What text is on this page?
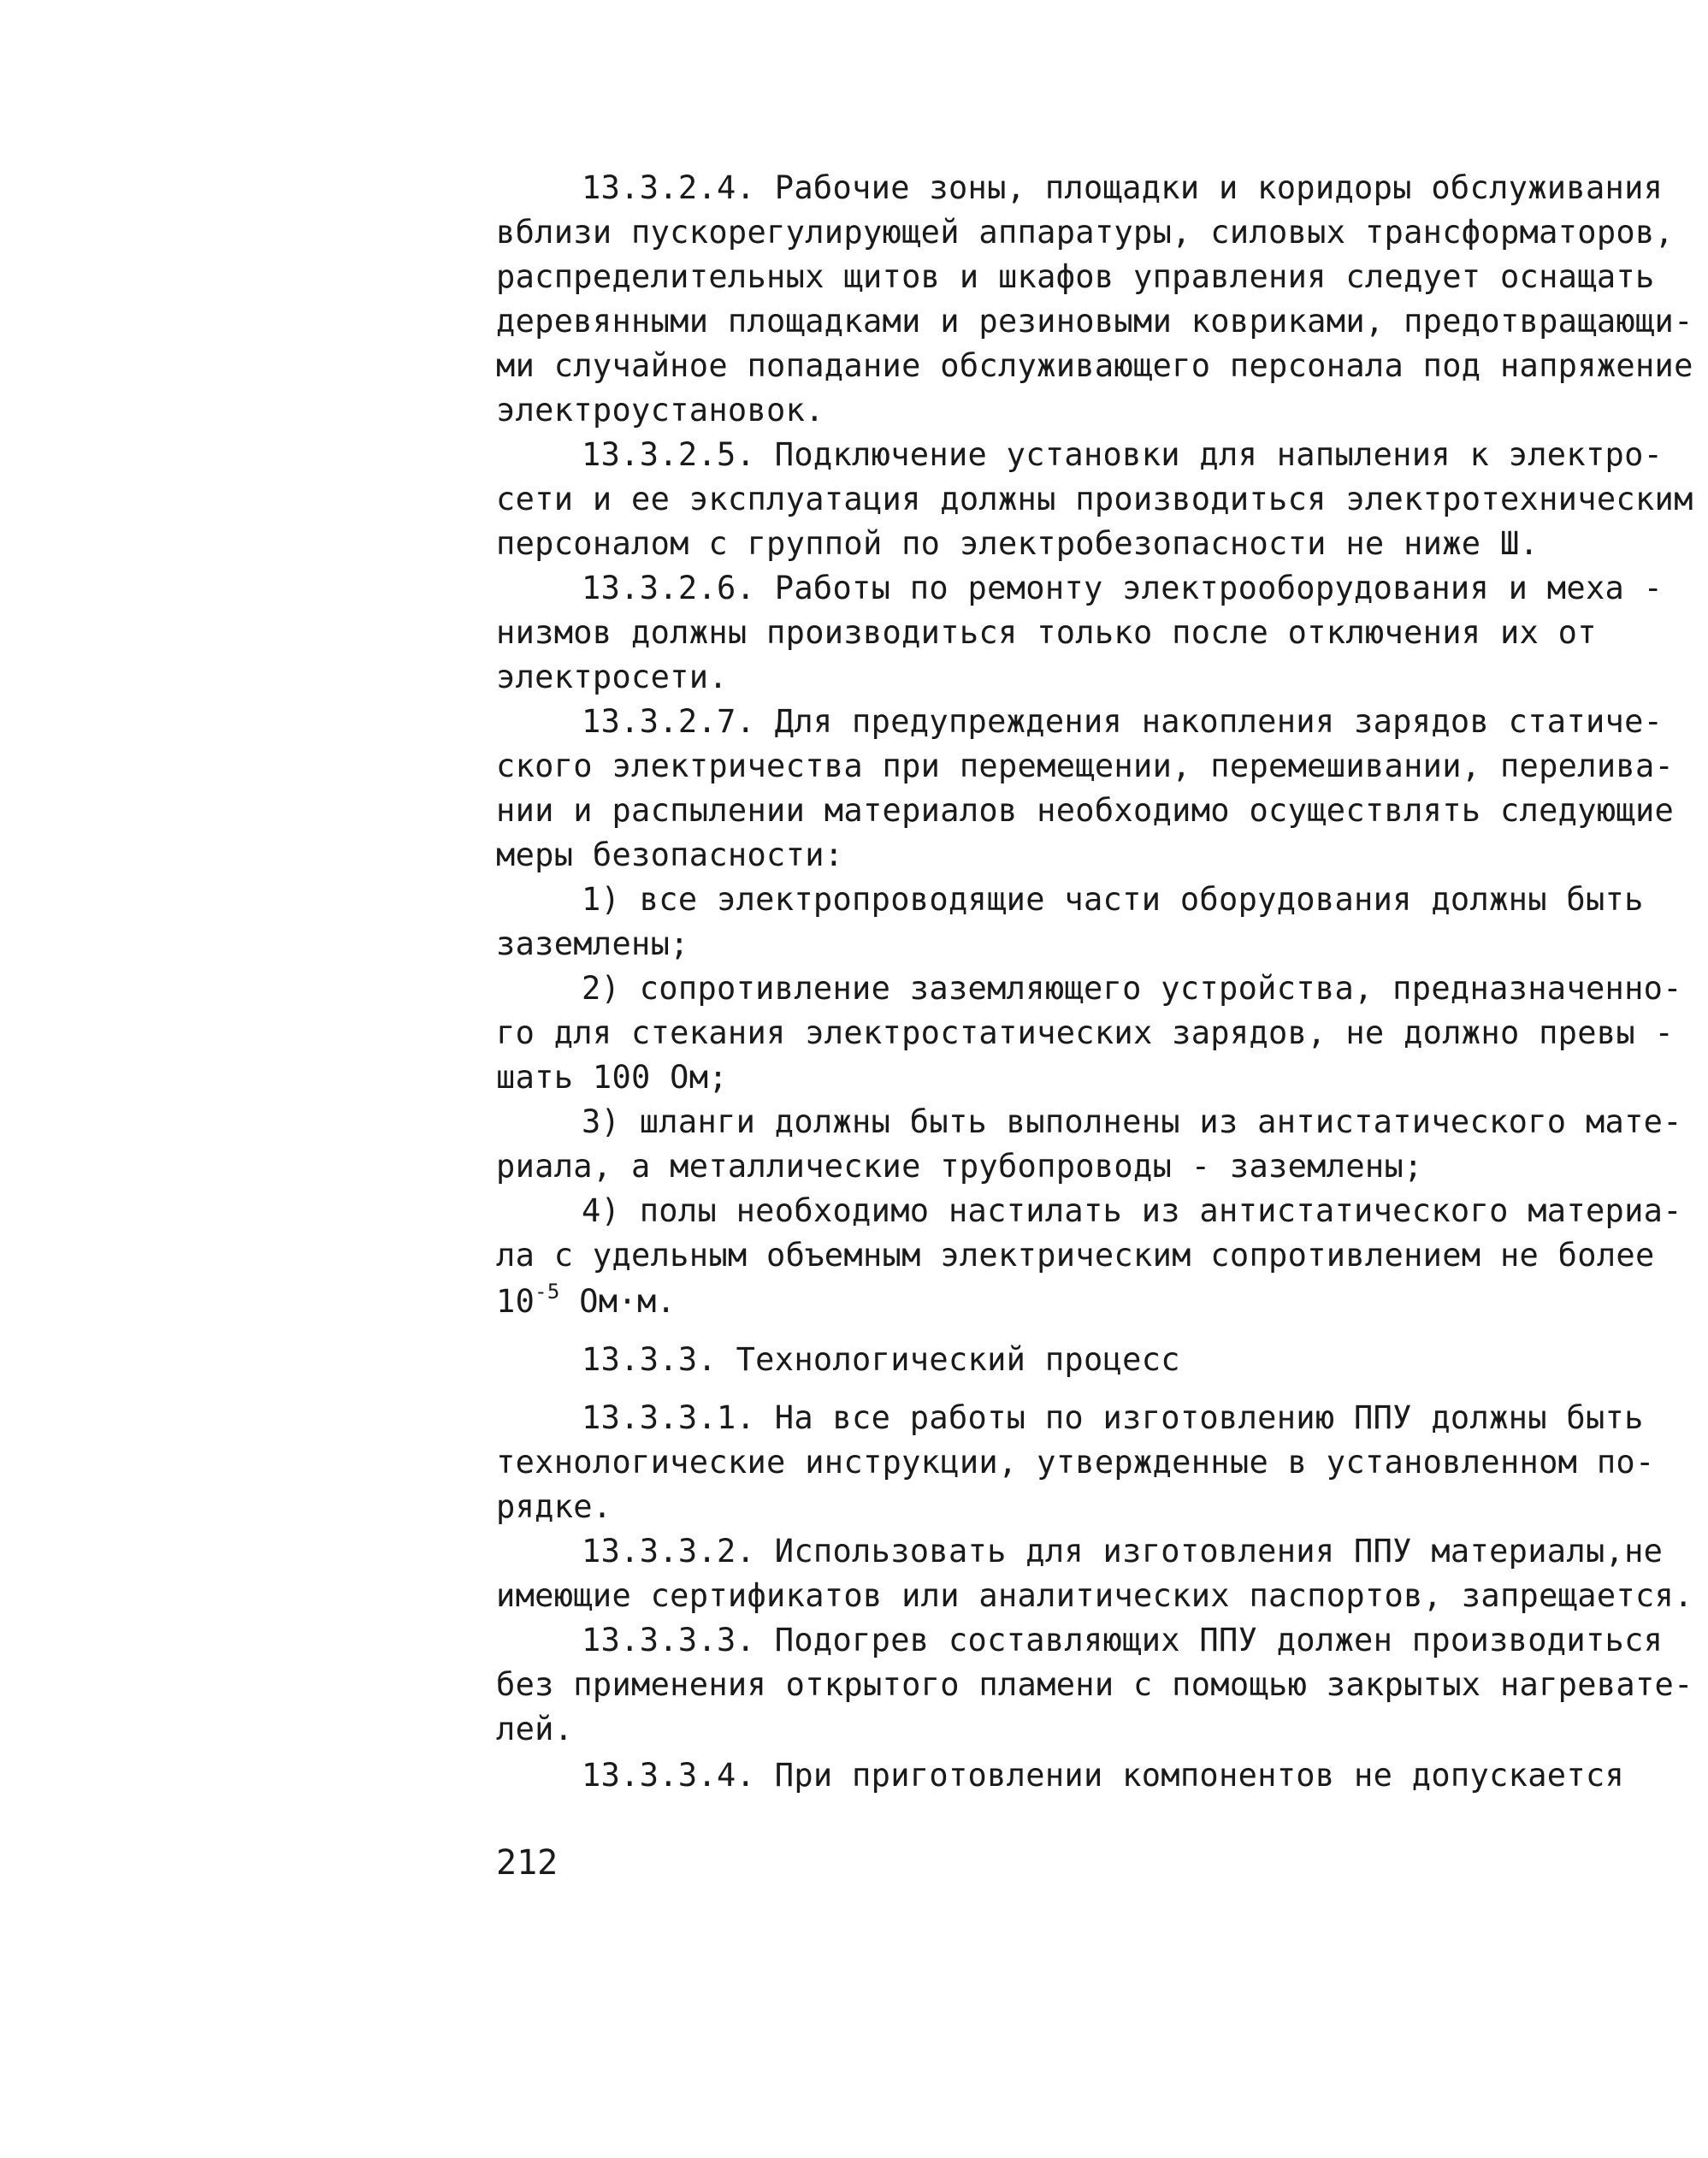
13.3.2.4. Рабочие зоны, площадки и коридоры обслуживания
вблизи пускорегулирующей аппаратуры, силовых трансформаторов,
распределительных щитов и шкафов управления следует оснащать
деревянными площадками и резиновыми ковриками, предотвращающи-
ми случайное попадание обслуживающего персонала под напряжение
электроустановок.
13.3.2.5. Подключение установки для напыления к электро-
сети и ее эксплуатация должны производиться электротехническим
персоналом с группой по электробезопасности не ниже Ш.
13.3.2.6. Работы по ремонту электрооборудования и меха -
низмов должны производиться только после отключения их от
электросети.
13.3.2.7. Для предупреждения накопления зарядов статиче-
ского электричества при перемещении, перемешивании, перелива-
нии и распылении материалов необходимо осуществлять следующие
меры безопасности:
1) все электропроводящие части оборудования должны быть
заземлены;
2) сопротивление заземляющего устройства, предназначенно-
го для стекания электростатических зарядов, не должно превы -
шать 100 Ом;
3) шланги должны быть выполнены из антистатического мате-
риала, а металлические трубопроводы - заземлены;
4) полы необходимо настилать из антистатического материа-
ла с удельным объемным электрическим сопротивлением не более
$10^{-5}$ Ом·м.
13.3.3. Технологический процесс
13.3.3.1. На все работы по изготовлению ППУ должны быть
технологические инструкции, утвержденные в установленном по-
рядке.
13.3.3.2. Использовать для изготовления ППУ материалы,не
имеющие сертификатов или аналитических паспортов, запрещается.
13.3.3.3. Подогрев составляющих ППУ должен производиться
без применения открытого пламени с помощью закрытых нагревате-
лей.
13.3.3.4. При приготовлении компонентов не допускается
212
